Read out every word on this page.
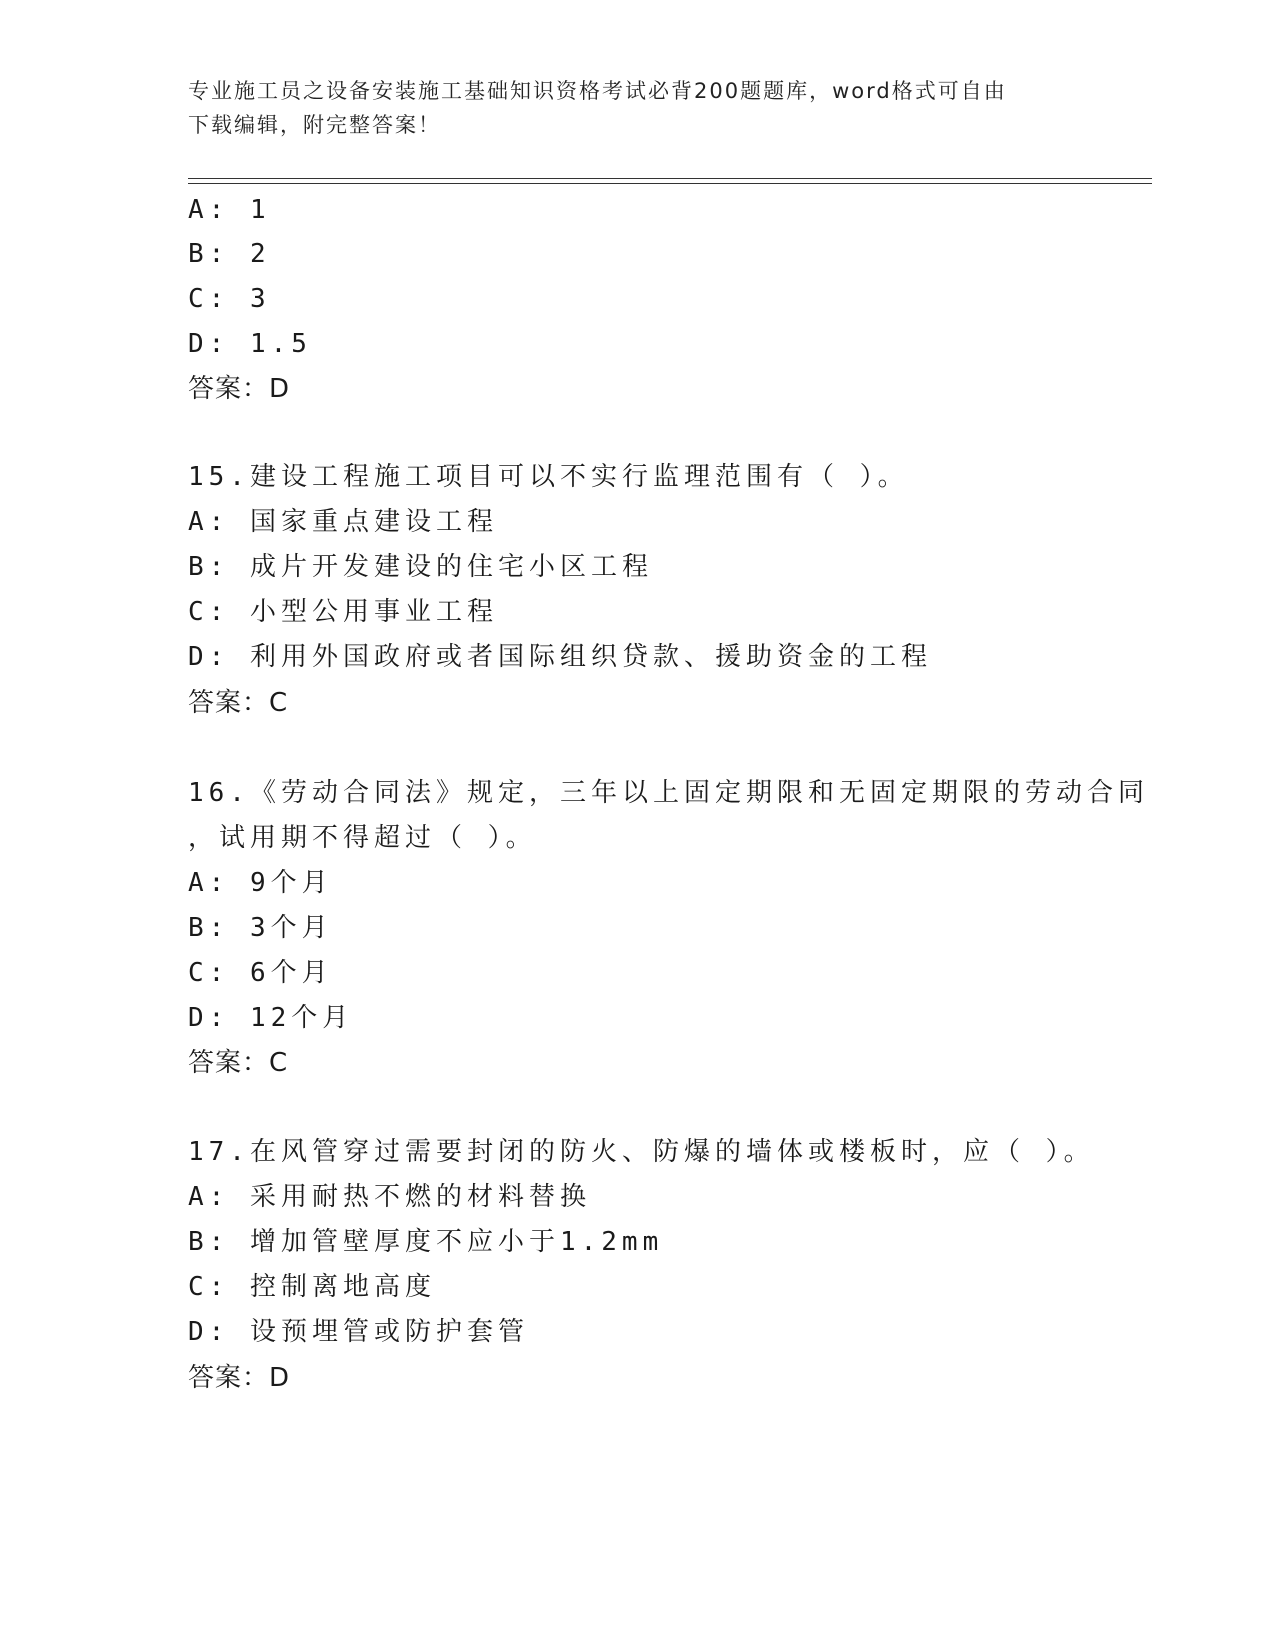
专业施工员之设备安装施工基础知识资格考试必背200题题库，word格式可自由
下载编辑，附完整答案！
A: 1
B: 2
C: 3
D: 1.5
答案：D
15.建设工程施工项目可以不实行监理范围有（ ）。
A: 国家重点建设工程
B: 成片开发建设的住宅小区工程
C: 小型公用事业工程
D: 利用外国政府或者国际组织贷款、援助资金的工程
答案：C
16.《劳动合同法》规定，三年以上固定期限和无固定期限的劳动合同
，试用期不得超过（ ）。
A: 9个月
B: 3个月
C: 6个月
D: 12个月
答案：C
17.在风管穿过需要封闭的防火、防爆的墙体或楼板时，应（ ）。
A: 采用耐热不燃的材料替换
B: 增加管壁厚度不应小于1.2mm
C: 控制离地高度
D: 设预埋管或防护套管
答案：D
